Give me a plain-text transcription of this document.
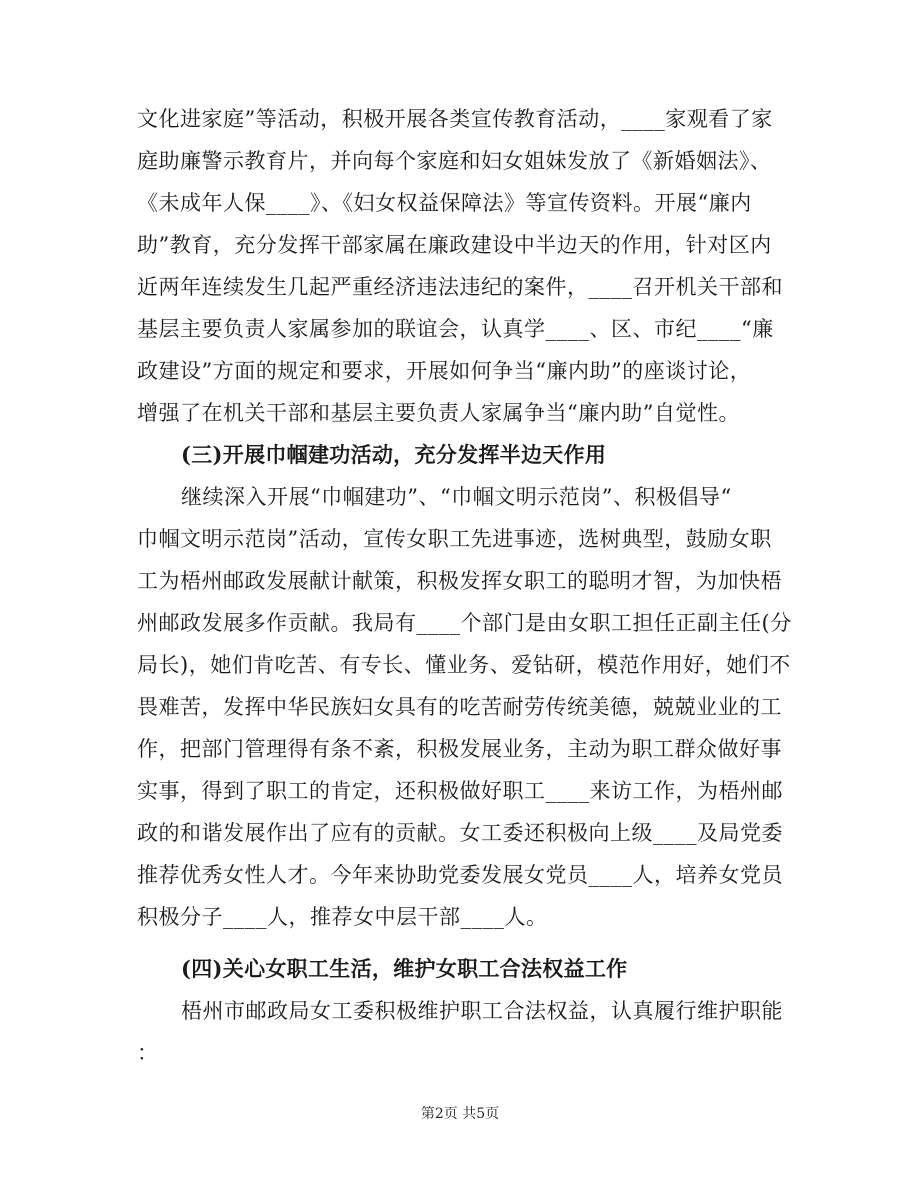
文化进家庭”等活动，积极开展各类宣传教育活动，____家观看了家
庭助廉警示教育片，并向每个家庭和妇女姐妹发放了《新婚姻法》、
《未成年人保____》、《妇女权益保障法》等宣传资料。开展“廉内
助”教育，充分发挥干部家属在廉政建设中半边天的作用，针对区内
近两年连续发生几起严重经济违法违纪的案件，____召开机关干部和
基层主要负责人家属参加的联谊会，认真学____、区、市纪____“廉
政建设”方面的规定和要求，开展如何争当“廉内助”的座谈讨论，
增强了在机关干部和基层主要负责人家属争当“廉内助”自觉性。
(三)开展巾帼建功活动，充分发挥半边天作用
继续深入开展“巾帼建功”、“巾帼文明示范岗”、积极倡导“
巾帼文明示范岗”活动，宣传女职工先进事迹，选树典型，鼓励女职
工为梧州邮政发展献计献策，积极发挥女职工的聪明才智，为加快梧
州邮政发展多作贡献。我局有____个部门是由女职工担任正副主任(分
局长)，她们肯吃苦、有专长、懂业务、爱钻研，模范作用好，她们不
畏难苦，发挥中华民族妇女具有的吃苦耐劳传统美德，兢兢业业的工
作，把部门管理得有条不紊，积极发展业务，主动为职工群众做好事
实事，得到了职工的肯定，还积极做好职工____来访工作，为梧州邮
政的和谐发展作出了应有的贡献。女工委还积极向上级____及局党委
推荐优秀女性人才。今年来协助党委发展女党员____人，培养女党员
积极分子____人，推荐女中层干部____人。
(四)关心女职工生活，维护女职工合法权益工作
梧州市邮政局女工委积极维护职工合法权益，认真履行维护职能
：
第2页 共5页
